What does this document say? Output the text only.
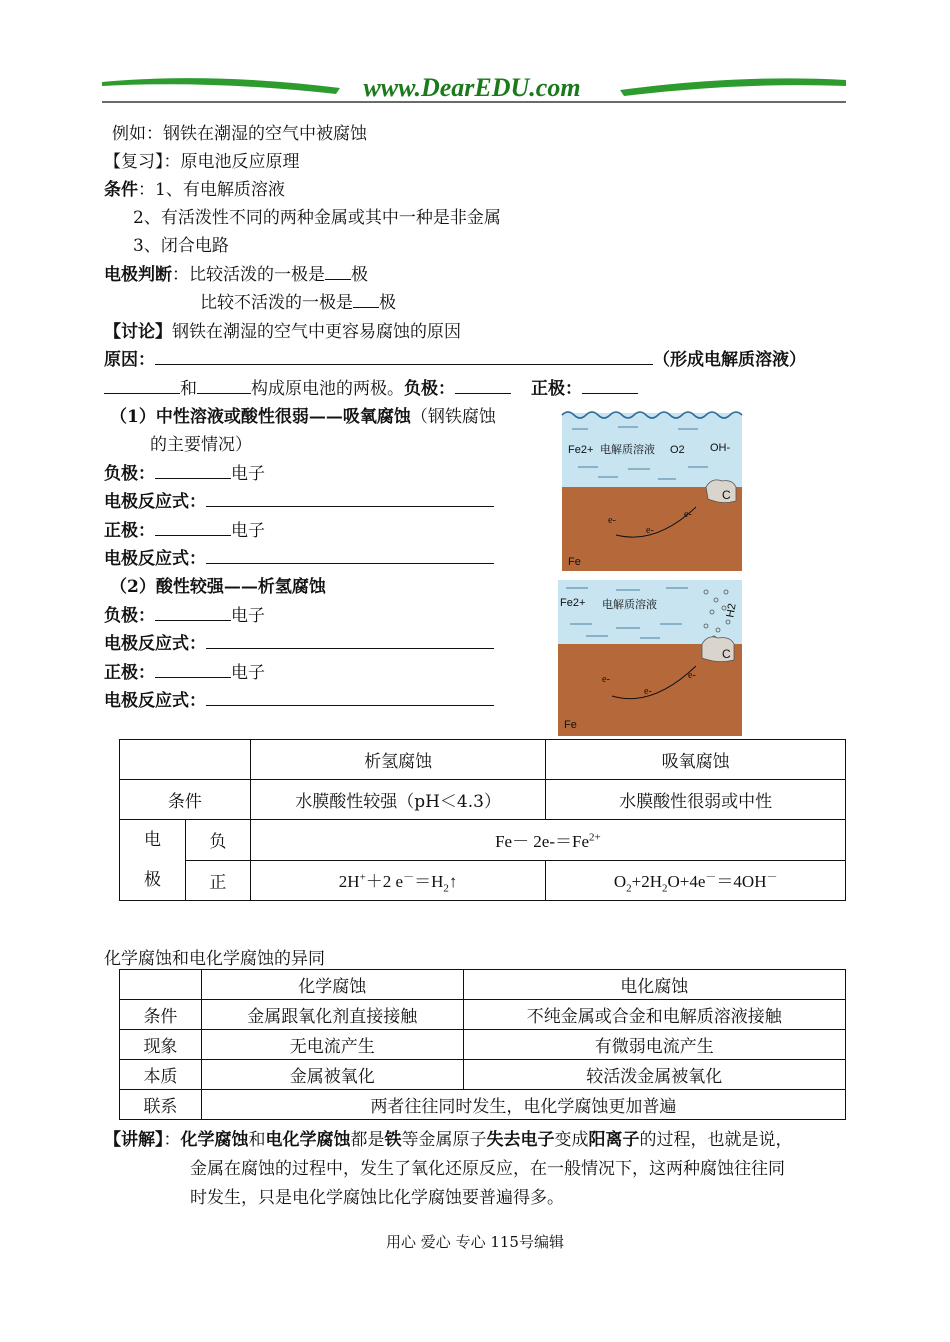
www.DearEDU.com
例如：钢铁在潮湿的空气中被腐蚀
【复习】：原电池反应原理
条件：1、有电解质溶液
2、有活泼性不同的两种金属或其中一种是非金属
3、闭合电路
电极判断：比较活泼的一极是 极
比较不活泼的一极是 极
【讨论】钢铁在潮湿的空气中更容易腐蚀的原因
原因：	（形成电解质溶液）
和	构成原电池的两极。负极：	正极：
（1）中性溶液或酸性很弱——吸氧腐蚀（钢铁腐蚀
的主要情况）
负极：	电子
电极反应式：
正极：	电子
电极反应式：
（2）酸性较强——析氢腐蚀
负极：	电子
电极反应式：
正极：	电子
电极反应式：
Fe2+ 电解质溶液 O2 OH-
C
e-
e-
e-
Fe
Fe2+ 电解质溶液	H2
C
e-
e-
e-
Fe
		析氢腐蚀	吸氧腐蚀
条件		水膜酸性较强（pH＜4.3）	水膜酸性很弱或中性
电
极	负	$Fe- 2e-=Fe^{2+}$
	正	2H+＋2 $e^-=H_2↑$	$O_2+2H_2O+4e^-=4OH^-$
化学腐蚀和电化学腐蚀的异同
	化学腐蚀	电化腐蚀
条件	金属跟氧化剂直接接触	不纯金属或合金和电解质溶液接触
现象	无电流产生	有微弱电流产生
本质	金属被氧化	较活泼金属被氧化
联系	两者往往同时发生，电化学腐蚀更加普遍	
【讲解】：化学腐蚀和电化学腐蚀都是铁等金属原子失去电子变成阳离子的过程，也就是说，
金属在腐蚀的过程中，发生了氧化还原反应，在一般情况下，这两种腐蚀往往同
时发生，只是电化学腐蚀比化学腐蚀要普遍得多。
用心 爱心 专心 115号编辑
